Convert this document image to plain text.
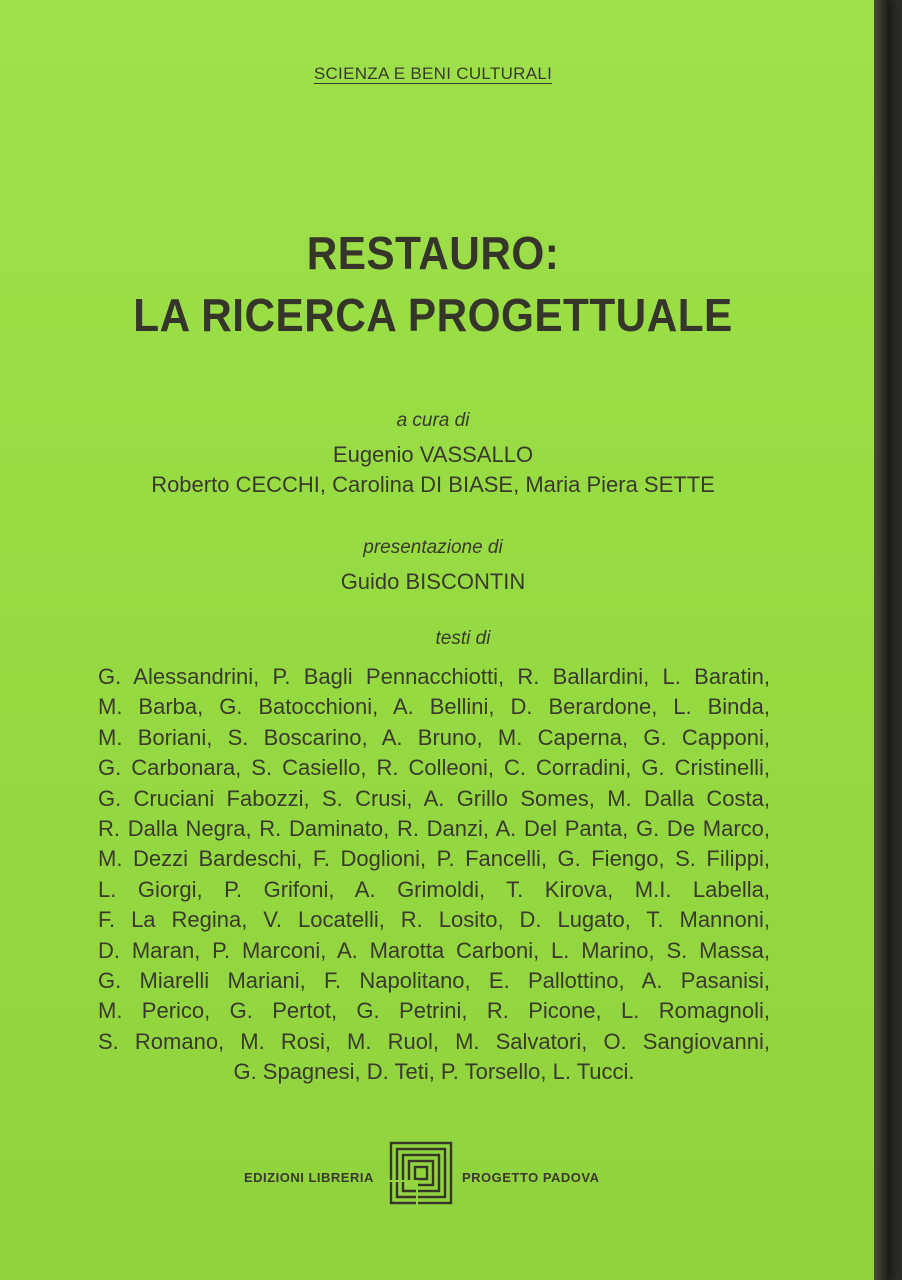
SCIENZA E BENI CULTURALI
RESTAURO:
LA RICERCA PROGETTUALE
a cura di
Eugenio VASSALLO
Roberto CECCHI, Carolina DI BIASE, Maria Piera SETTE
presentazione di
Guido BISCONTIN
testi di
G. Alessandrini, P. Bagli Pennacchiotti, R. Ballardini, L. Baratin,
M. Barba, G. Batocchioni, A. Bellini, D. Berardone, L. Binda,
M. Boriani, S. Boscarino, A. Bruno, M. Caperna, G. Capponi,
G. Carbonara, S. Casiello, R. Colleoni, C. Corradini, G. Cristinelli,
G. Cruciani Fabozzi, S. Crusi, A. Grillo Somes, M. Dalla Costa,
R. Dalla Negra, R. Daminato, R. Danzi, A. Del Panta, G. De Marco,
M. Dezzi Bardeschi, F. Doglioni, P. Fancelli, G. Fiengo, S. Filippi,
L. Giorgi, P. Grifoni, A. Grimoldi, T. Kirova, M.I. Labella,
F. La Regina, V. Locatelli, R. Losito, D. Lugato, T. Mannoni,
D. Maran, P. Marconi, A. Marotta Carboni, L. Marino, S. Massa,
G. Miarelli Mariani, F. Napolitano, E. Pallottino, A. Pasanisi,
M. Perico, G. Pertot, G. Petrini, R. Picone, L. Romagnoli,
S. Romano, M. Rosi, M. Ruol, M. Salvatori, O. Sangiovanni,
G. Spagnesi, D. Teti, P. Torsello, L. Tucci.
EDIZIONI LIBRERIA	PROGETTO PADOVA
